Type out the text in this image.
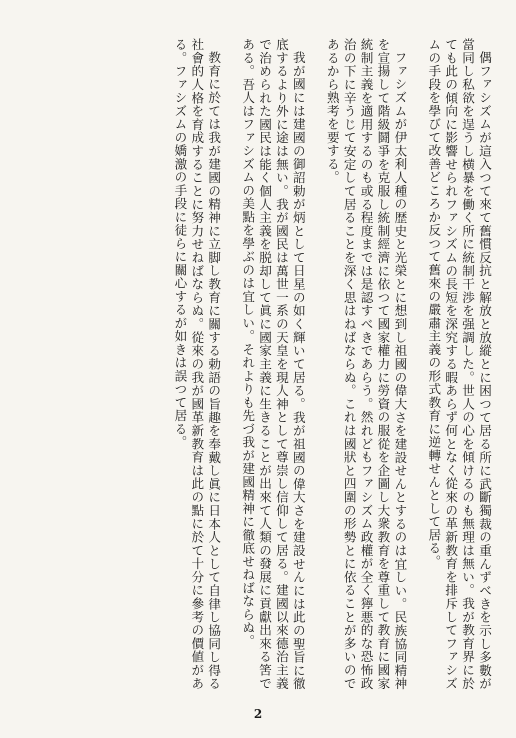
偶ファシズムが這入つて來て舊慣反抗と解放と放縱とに困つて居る所に武斷獨裁の重んずべきを示し多數が當同し私欲を逞うし横暴を働く所に統制干渉を强調した。世人の心を傾けるのも無理は無い。我が教育界に於ても此の傾向に影響せられファシズムの長短を深究する暇あらず何となく從來の革新教育を排斥してファシズムの手段を學びて改善どころか反つて舊來の嚴肅主義の形式教育に逆轉せんとして居る。

ファシズムが伊太利人種の歴史と光榮とに想到し祖國の偉大さを建設せんとするのは宜しい。民族協同精神を宣揚して階級鬪爭を克服し統制經濟に依つて國家權力に勞資の服從を企圖し大衆教育を尊重して教育に國家統制主義を適用するのも或る程度までは是認すべきであらう。然れどもファシズム政權が全く獰悪的な恐怖政治の下に辛うじて安定して居ることを深く思はねばならぬ。これは國狀と四圍の形勢とに依ることが多いのであるから熟考を要する。

我が國には建國の御詔勅が炳として日星の如く輝いて居る。我が祖國の偉大さを建設せんには此の聖旨に徹底するより外に途は無い。我が國民は萬世一系の天皇を現人神として尊崇し信仰して居る。建國以來德治主義で治められた國民は能く個人主義を脱却して眞に國家主義に生きることが出來て人類の發展に貢獻出來る筈である。吾人はファシズムの美點を學ぶのは宜しい。それよりも先づ我が建國精神に徹底せねばならぬ。

教育に於ては我が建國の精神に立脚し教育に關する勅語の旨趣を奉戴し眞に日本人として自律し協同し得る社會的人格を育成することに努力せねばならぬ。從來の我が國革新教育は此の點に於て十分に參考の價値がある。ファシズムの嬌激の手段に徒らに關心するが如きは誤つて居る。

2
